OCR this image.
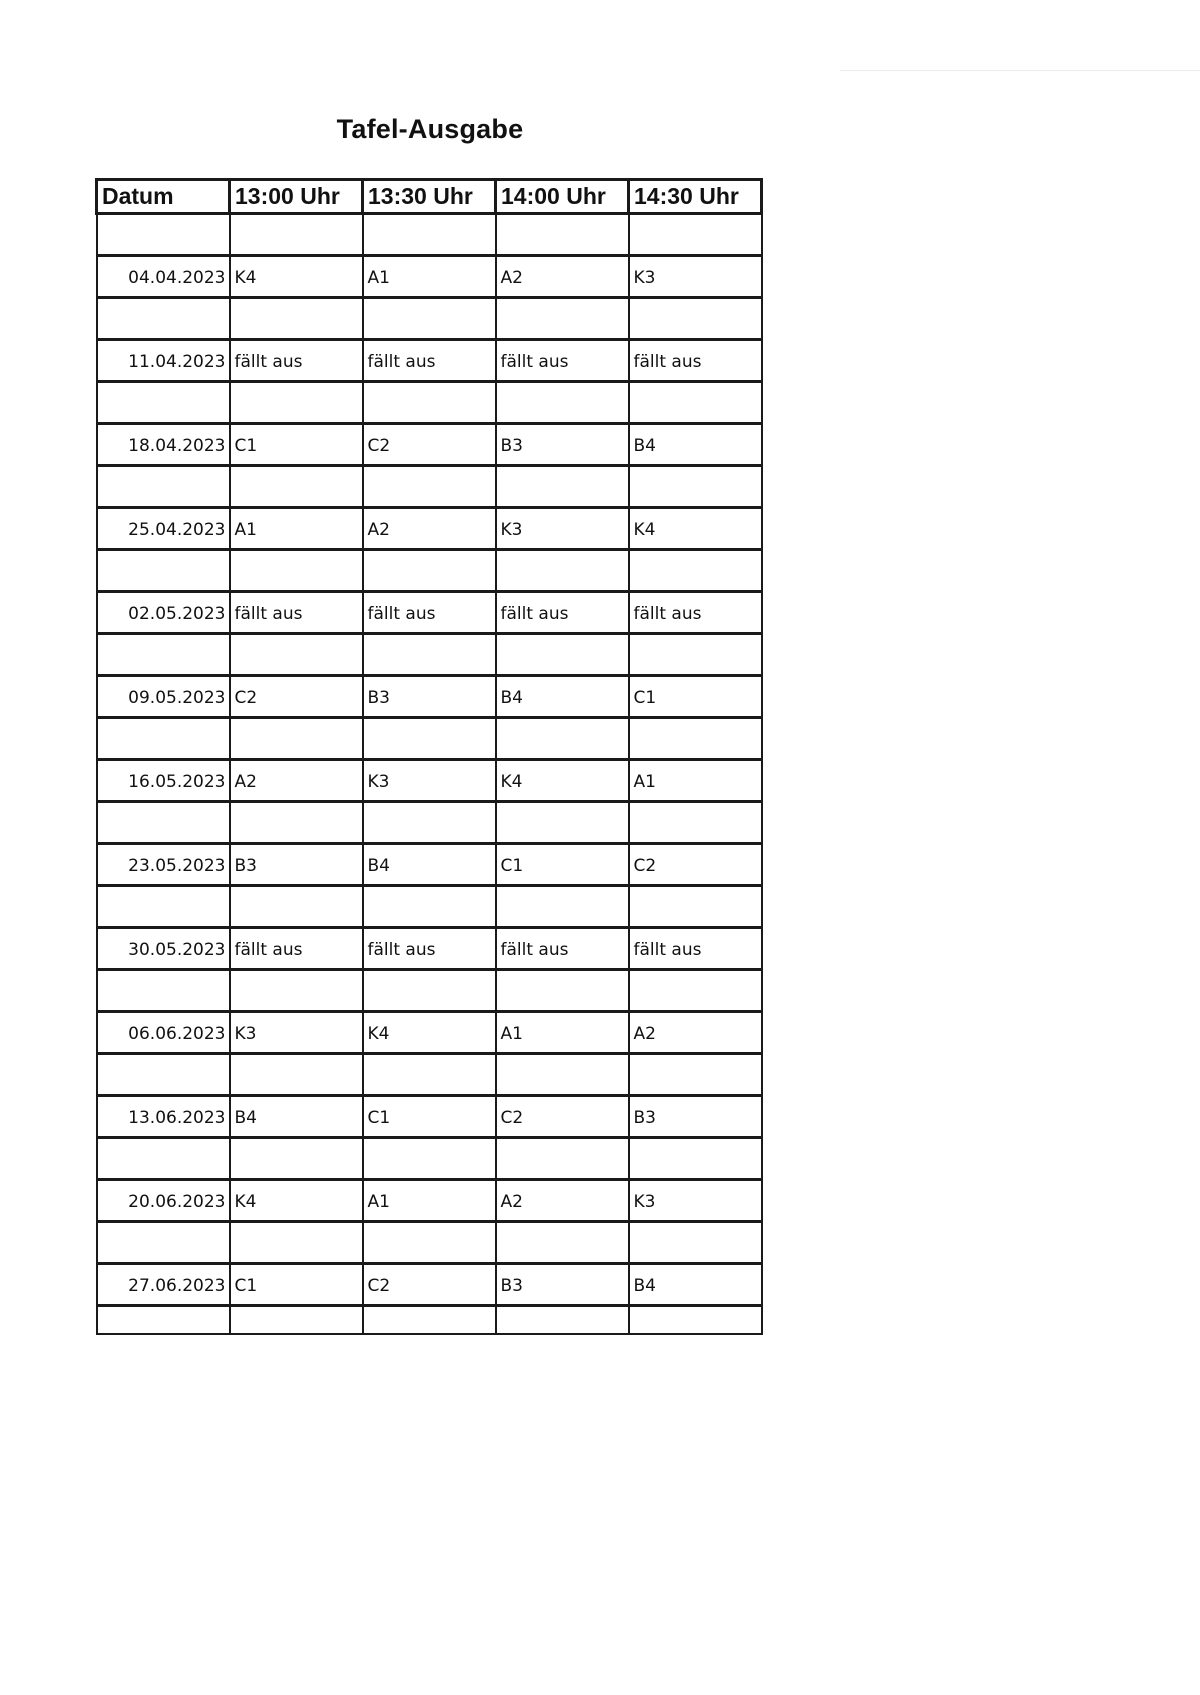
Tafel-Ausgabe
Datum	13:00 Uhr	13:30 Uhr	14:00 Uhr	14:30 Uhr

04.04.2023	K4	A1	A2	K3

11.04.2023	fällt aus	fällt aus	fällt aus	fällt aus

18.04.2023	C1	C2	B3	B4

25.04.2023	A1	A2	K3	K4

02.05.2023	fällt aus	fällt aus	fällt aus	fällt aus

09.05.2023	C2	B3	B4	C1

16.05.2023	A2	K3	K4	A1

23.05.2023	B3	B4	C1	C2

30.05.2023	fällt aus	fällt aus	fällt aus	fällt aus

06.06.2023	K3	K4	A1	A2

13.06.2023	B4	C1	C2	B3

20.06.2023	K4	A1	A2	K3

27.06.2023	C1	C2	B3	B4
